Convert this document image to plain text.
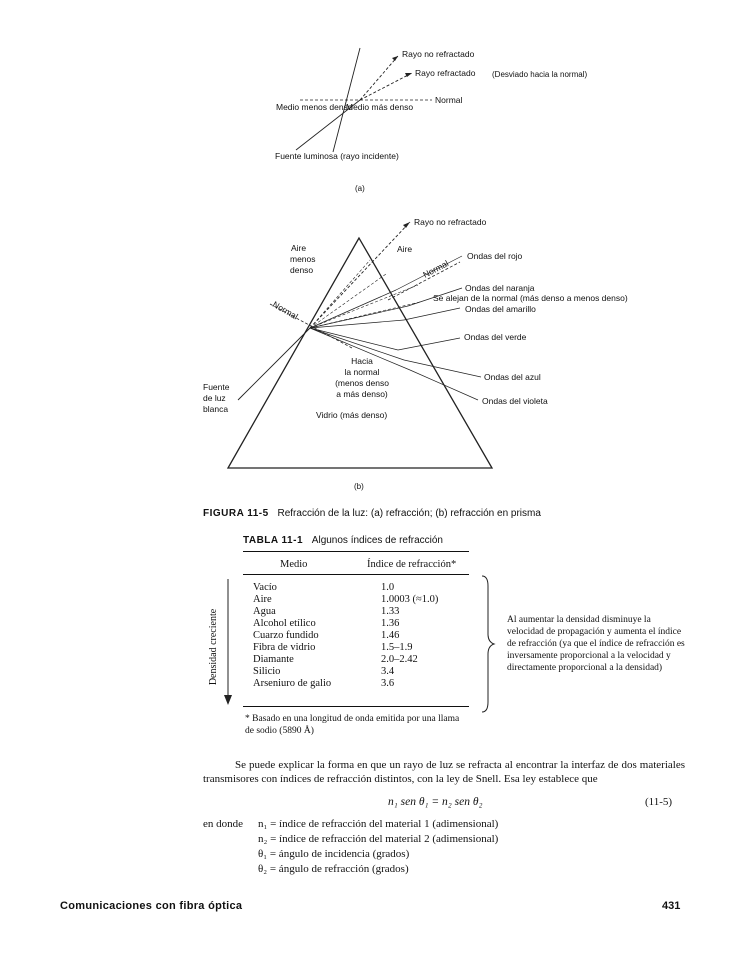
Rayo no refractado
Rayo refractado (Desviado hacia la normal)
Normal
Medio menos denso
Medio más denso
Fuente luminosa (rayo incidente)
(a)
Rayo no refractado
Aire menos denso
Aire
Normal
Normal
Ondas del rojo
Ondas del naranja
Se alejan de la normal (más denso a menos denso)
Ondas del amarillo
Ondas del verde
Ondas del azul
Ondas del violeta
Hacia la normal (menos denso a más denso)
Vidrio (más denso)
Fuente de luz blanca
(b)
FIGURA 11-5 Refracción de la luz: (a) refracción; (b) refracción en prisma
TABLA 11-1 Algunos índices de refracción
Medio	Índice de refracción*
Vacío	1.0
Aire	1.0003 (≈1.0)
Agua	1.33
Alcohol etílico	1.36
Cuarzo fundido	1.46
Fibra de vidrio	1.5–1.9
Diamante	2.0–2.42
Silicio	3.4
Arseniuro de galio	3.6
Densidad creciente	Al aumentar la densidad disminuye la velocidad de propagación y aumenta el índice de refracción (ya que el índice de refracción es inversamente proporcional a la velocidad y directamente proporcional a la densidad)
* Basado en una longitud de onda emitida por una llama de sodio (5890 Å)
Se puede explicar la forma en que un rayo de luz se refracta al encontrar la interfaz de dos materiales transmisores con índices de refracción distintos, con la ley de Snell. Esa ley establece que
n₁ sen θ₁ = n₂ sen θ₂	(11-5)
en donde n₁ = índice de refracción del material 1 (adimensional)
n₂ = índice de refracción del material 2 (adimensional)
θ₁ = ángulo de incidencia (grados)
θ₂ = ángulo de refracción (grados)
Comunicaciones con fibra óptica	431
